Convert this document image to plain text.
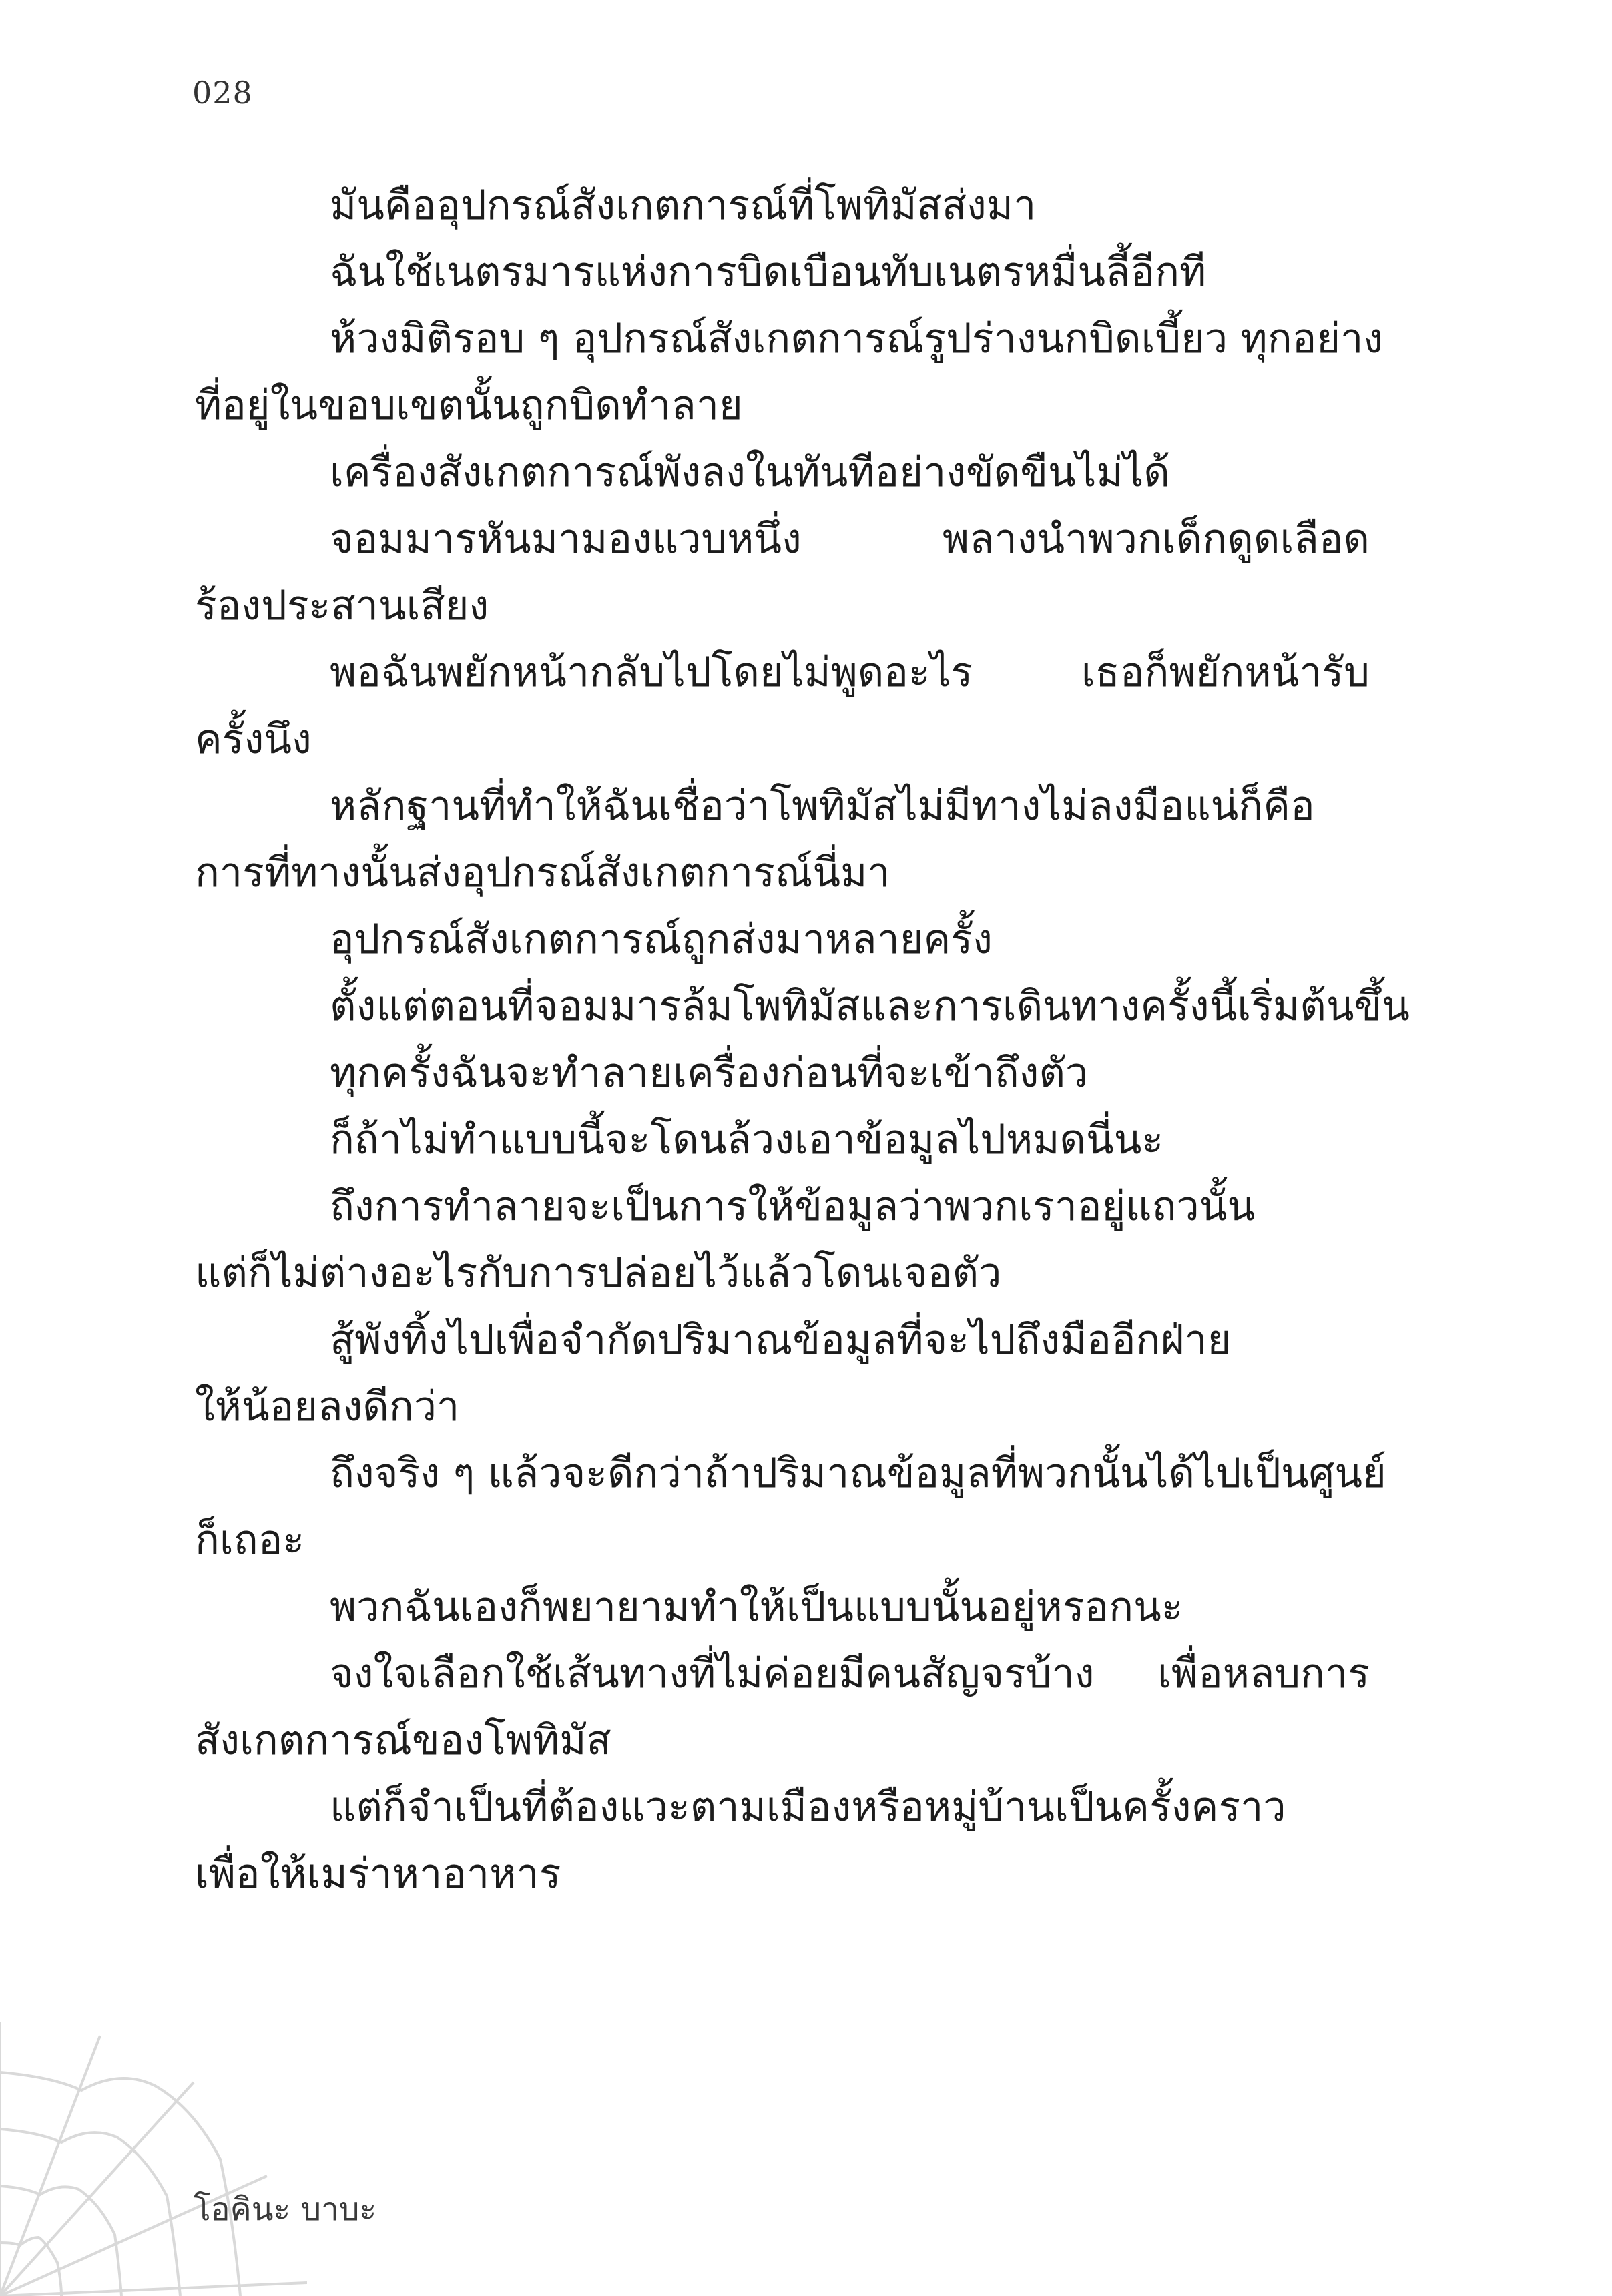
028
มันคืออุปกรณ์สังเกตการณ์ที่โพทิมัสส่งมา
ฉันใช้เนตรมารแห่งการบิดเบือนทับเนตรหมื่นลี้อีกที
ห้วงมิติรอบ ๆ อุปกรณ์สังเกตการณ์รูปร่างนกบิดเบี้ยว ทุกอย่าง
ที่อยู่ในขอบเขตนั้นถูกบิดทำลาย
เครื่องสังเกตการณ์พังลงในทันทีอย่างขัดขืนไม่ได้
จอมมารหันมามองแวบหนึ่ง พลางนำพวกเด็กดูดเลือด
ร้องประสานเสียง
พอฉันพยักหน้ากลับไปโดยไม่พูดอะไร เธอก็พยักหน้ารับ
ครั้งนึง
หลักฐานที่ทำให้ฉันเชื่อว่าโพทิมัสไม่มีทางไม่ลงมือแน่ก็คือ
การที่ทางนั้นส่งอุปกรณ์สังเกตการณ์นี่มา
อุปกรณ์สังเกตการณ์ถูกส่งมาหลายครั้ง
ตั้งแต่ตอนที่จอมมารล้มโพทิมัสและการเดินทางครั้งนี้เริ่มต้นขึ้น
ทุกครั้งฉันจะทำลายเครื่องก่อนที่จะเข้าถึงตัว
ก็ถ้าไม่ทำแบบนี้จะโดนล้วงเอาข้อมูลไปหมดนี่นะ
ถึงการทำลายจะเป็นการให้ข้อมูลว่าพวกเราอยู่แถวนั้น
แต่ก็ไม่ต่างอะไรกับการปล่อยไว้แล้วโดนเจอตัว
สู้พังทิ้งไปเพื่อจำกัดปริมาณข้อมูลที่จะไปถึงมืออีกฝ่าย
ให้น้อยลงดีกว่า
ถึงจริง ๆ แล้วจะดีกว่าถ้าปริมาณข้อมูลที่พวกนั้นได้ไปเป็นศูนย์
ก็เถอะ
พวกฉันเองก็พยายามทำให้เป็นแบบนั้นอยู่หรอกนะ
จงใจเลือกใช้เส้นทางที่ไม่ค่อยมีคนสัญจรบ้าง เพื่อหลบการ
สังเกตการณ์ของโพทิมัส
แต่ก็จำเป็นที่ต้องแวะตามเมืองหรือหมู่บ้านเป็นครั้งคราว
เพื่อให้เมร่าหาอาหาร
โอคินะ บาบะ
